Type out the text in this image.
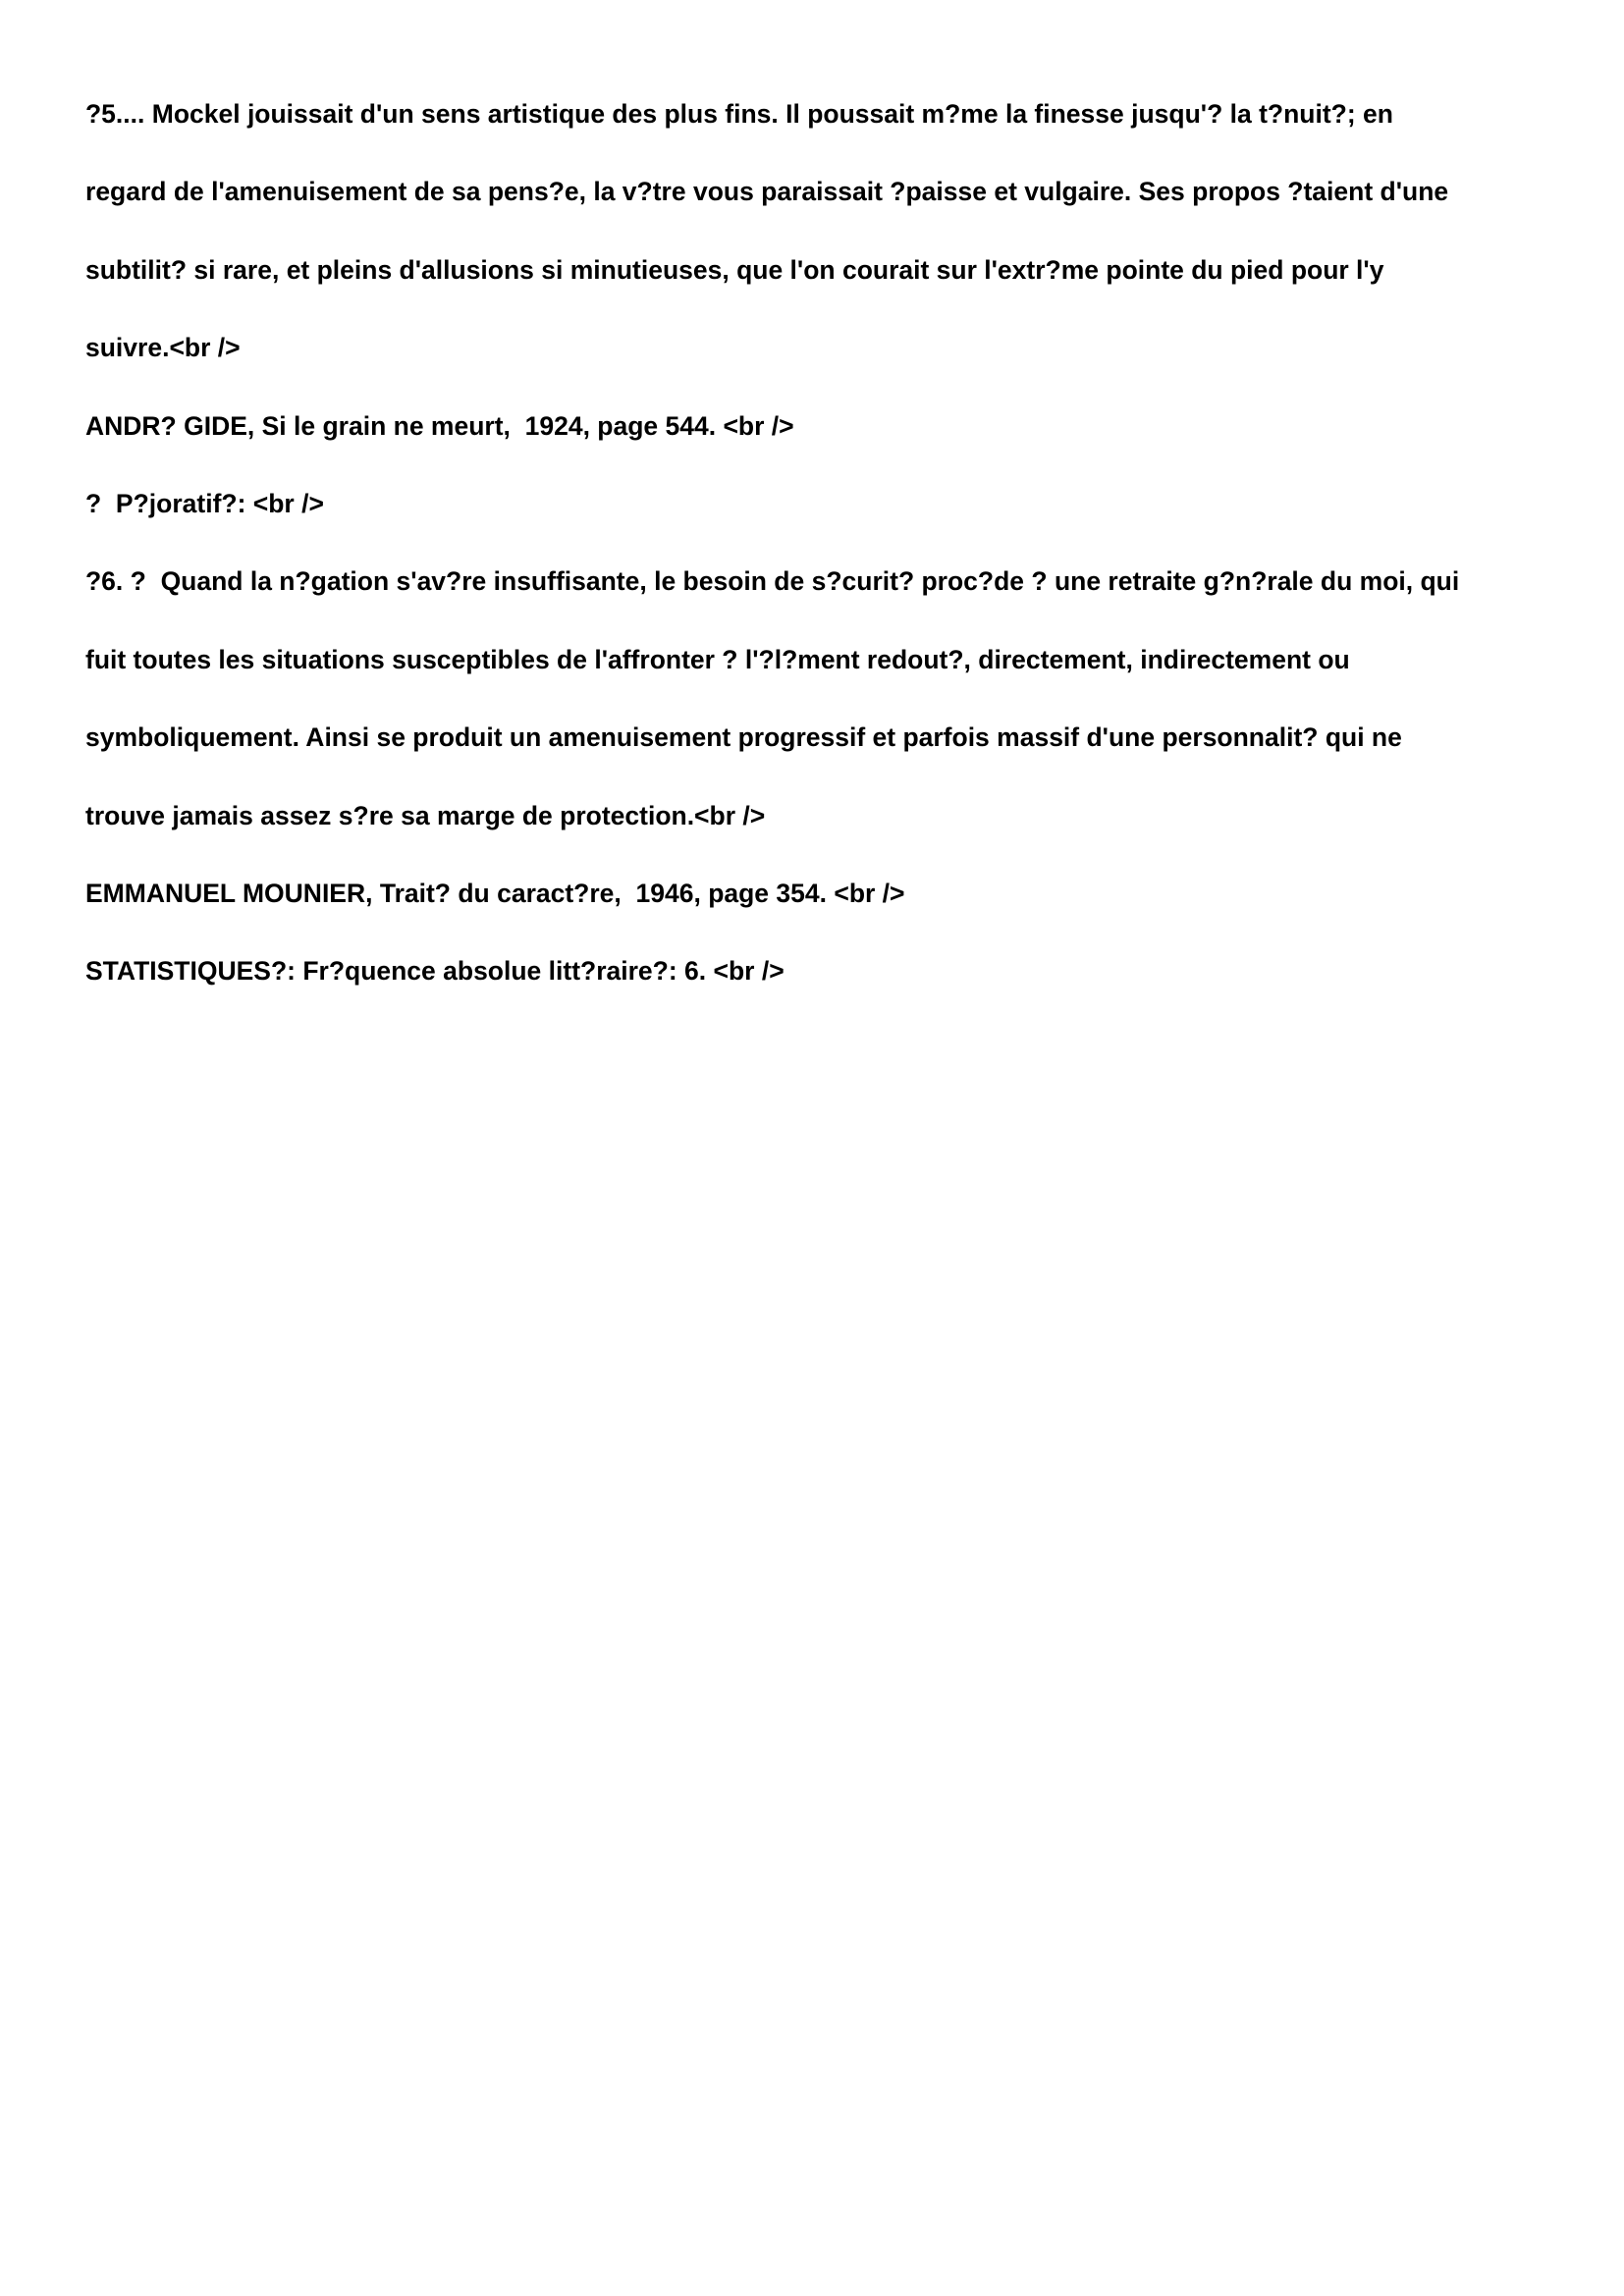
?5.... Mockel jouissait d'un sens artistique des plus fins. Il poussait m?me la finesse jusqu'? la t?nuit?; en
regard de l'amenuisement de sa pens?e, la v?tre vous paraissait ?paisse et vulgaire. Ses propos ?taient d'une
subtilit? si rare, et pleins d'allusions si minutieuses, que l'on courait sur l'extr?me pointe du pied pour l'y
suivre.<br />
ANDR? GIDE, Si le grain ne meurt,  1924, page 544. <br />
?  P?joratif?: <br />
?6. ?  Quand la n?gation s'av?re insuffisante, le besoin de s?curit? proc?de ? une retraite g?n?rale du moi, qui
fuit toutes les situations susceptibles de l'affronter ? l'?l?ment redout?, directement, indirectement ou
symboliquement. Ainsi se produit un amenuisement progressif et parfois massif d'une personnalit? qui ne
trouve jamais assez s?re sa marge de protection.<br />
EMMANUEL MOUNIER, Trait? du caract?re,  1946, page 354. <br />
STATISTIQUES?: Fr?quence absolue litt?raire?: 6. <br />
